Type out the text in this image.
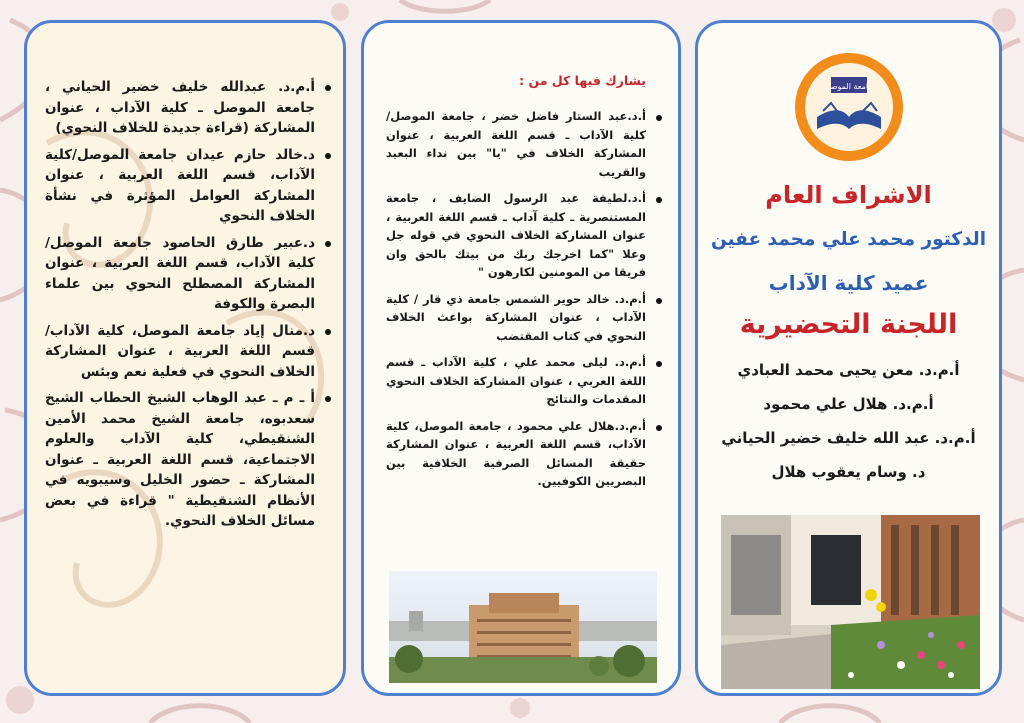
أ.م.د. عبدالله خليف خضير الحياني ، جامعة الموصل ـ كلية الآداب ، عنوان المشاركة (قراءة جديدة للخلاف النحوي)
د.خالد حازم عيدان جامعة الموصل/كلية الآداب، قسم اللغة العربية ، عنوان المشاركة العوامل المؤثرة في نشأة الخلاف النحوي
د.عبير طارق الحاصود جامعة الموصل/ كلية الآداب، قسم اللغة العربية ، عنوان المشاركة المصطلح النحوي بين علماء البصرة والكوفة
د.منال إياد جامعة الموصل، كلية الآداب/ قسم اللغة العربية ، عنوان المشاركة الخلاف النحوي في فعلية نعم وبئس
أ ـ م ـ عبد الوهاب الشيخ الحطاب الشيخ سعدبوه، جامعة الشيخ محمد الأمين الشنقيطي، كلية الآداب والعلوم الاجتماعية، قسم اللغة العربية ـ عنوان المشاركة ـ حضور الخليل وسيبويه في الأنظام الشنقيطية " قراءة في بعض مسائل الخلاف النحوي.
يشارك فيها كل من :
أ.د.عبد الستار فاضل خضر ، جامعة الموصل/ كلية الآداب ـ قسم اللغة العربية ، عنوان المشاركة الخلاف في "يا" بين نداء البعيد والقريب
أ.د.لطيفة عبد الرسول الضايف ، جامعة المستنصرية ـ كلية آداب ـ قسم اللغة العربية ، عنوان المشاركة الخلاف النحوي في قوله جل وعلا "كما اخرجك ربك من بيتك بالحق وان فريقا من المومنين لكارهون "
أ.م.د. خالد حوير الشمس جامعة ذي قار / كلية الآداب ، عنوان المشاركة بواعث الخلاف النحوي في كتاب المقتضب
أ.م.د. ليلى محمد علي ، كلية الآداب ـ قسم اللغة العربي ، عنوان المشاركة الخلاف النحوي المقدمات والنتائج
أ.م.د.هلال علي محمود ، جامعة الموصل، كلية الآداب، قسم اللغة العربية ، عنوان المشاركة حقيقة المسائل الصرفية الخلافية بين البصريين الكوفيين.
جامعة الموصل
الاشراف العام
الدكتور محمد علي محمد عفين
عميد كلية الآداب
اللجنة التحضيرية
أ.م.د. معن يحيى محمد العبادي
أ.م.د. هلال علي محمود
أ.م.د. عبد الله خليف خضير الحياني
د. وسام يعقوب هلال
